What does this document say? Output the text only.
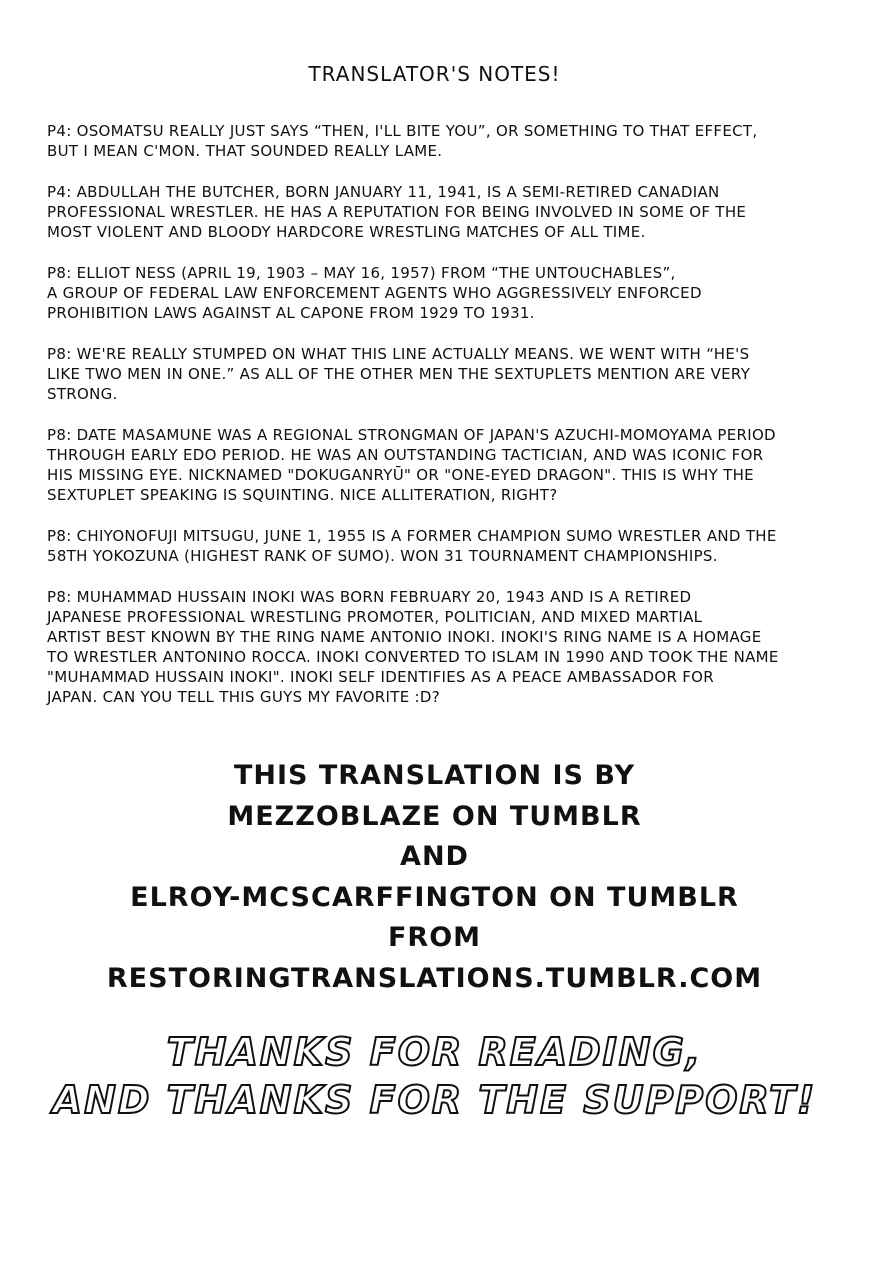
TRANSLATOR'S NOTES!
P4: OSOMATSU REALLY JUST SAYS “THEN, I'LL BITE YOU”, OR SOMETHING TO THAT EFFECT,
BUT I MEAN C'MON. THAT SOUNDED REALLY LAME.
P4: ABDULLAH THE BUTCHER, BORN JANUARY 11, 1941, IS A SEMI-RETIRED CANADIAN
PROFESSIONAL WRESTLER. HE HAS A REPUTATION FOR BEING INVOLVED IN SOME OF THE
MOST VIOLENT AND BLOODY HARDCORE WRESTLING MATCHES OF ALL TIME.
P8: ELLIOT NESS (APRIL 19, 1903 – MAY 16, 1957) FROM “THE UNTOUCHABLES”,
A GROUP OF FEDERAL LAW ENFORCEMENT AGENTS WHO AGGRESSIVELY ENFORCED
PROHIBITION LAWS AGAINST AL CAPONE FROM 1929 TO 1931.
P8: WE'RE REALLY STUMPED ON WHAT THIS LINE ACTUALLY MEANS. WE WENT WITH “HE'S
LIKE TWO MEN IN ONE.” AS ALL OF THE OTHER MEN THE SEXTUPLETS MENTION ARE VERY
STRONG.
P8: DATE MASAMUNE WAS A REGIONAL STRONGMAN OF JAPAN'S AZUCHI-MOMOYAMA PERIOD
THROUGH EARLY EDO PERIOD. HE WAS AN OUTSTANDING TACTICIAN, AND WAS ICONIC FOR
HIS MISSING EYE. NICKNAMED "DOKUGANRYŪ" OR "ONE-EYED DRAGON". THIS IS WHY THE
SEXTUPLET SPEAKING IS SQUINTING. NICE ALLITERATION, RIGHT?
P8: CHIYONOFUJI MITSUGU, JUNE 1, 1955 IS A FORMER CHAMPION SUMO WRESTLER AND THE
58TH YOKOZUNA (HIGHEST RANK OF SUMO). WON 31 TOURNAMENT CHAMPIONSHIPS.
P8: MUHAMMAD HUSSAIN INOKI WAS BORN FEBRUARY 20, 1943 AND IS A RETIRED
JAPANESE PROFESSIONAL WRESTLING PROMOTER, POLITICIAN, AND MIXED MARTIAL
ARTIST BEST KNOWN BY THE RING NAME ANTONIO INOKI. INOKI'S RING NAME IS A HOMAGE
TO WRESTLER ANTONINO ROCCA. INOKI CONVERTED TO ISLAM IN 1990 AND TOOK THE NAME
"MUHAMMAD HUSSAIN INOKI". INOKI SELF IDENTIFIES AS A PEACE AMBASSADOR FOR
JAPAN. CAN YOU TELL THIS GUYS MY FAVORITE :D?
THIS TRANSLATION IS BY
MEZZOBLAZE ON TUMBLR
AND
ELROY-MCSCARFFINGTON ON TUMBLR
FROM
RESTORINGTRANSLATIONS.TUMBLR.COM
THANKS FOR READING,
AND THANKS FOR THE SUPPORT!
